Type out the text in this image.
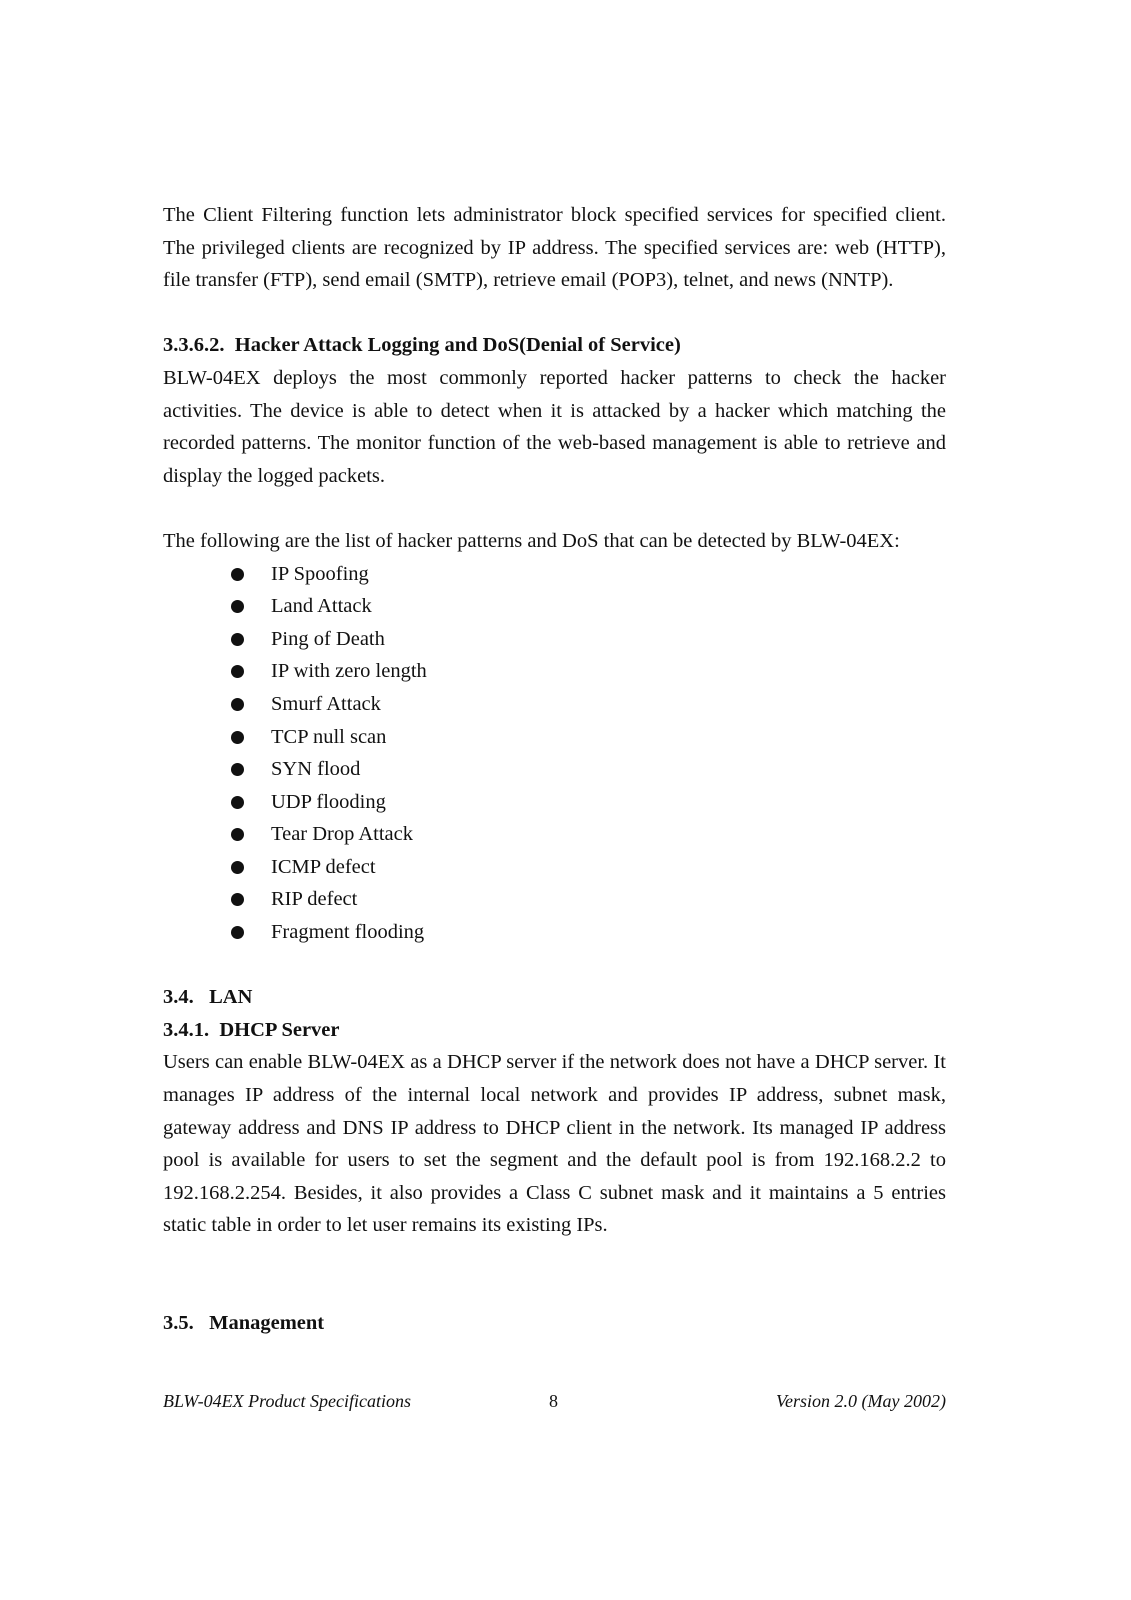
The Client Filtering function lets administrator block specified services for specified client. The privileged clients are recognized by IP address. The specified services are: web (HTTP), file transfer (FTP), send email (SMTP), retrieve email (POP3), telnet, and news (NNTP).

3.3.6.2.  Hacker Attack Logging and DoS(Denial of Service)

BLW-04EX deploys the most commonly reported hacker patterns to check the hacker activities. The device is able to detect when it is attacked by a hacker which matching the recorded patterns. The monitor function of the web-based management is able to retrieve and display the logged packets.

The following are the list of hacker patterns and DoS that can be detected by BLW-04EX:

IP Spoofing
Land Attack
Ping of Death
IP with zero length
Smurf Attack
TCP null scan
SYN flood
UDP flooding
Tear Drop Attack
ICMP defect
RIP defect
Fragment flooding

3.4.   LAN

3.4.1.  DHCP Server

Users can enable BLW-04EX as a DHCP server if the network does not have a DHCP server. It manages IP address of the internal local network and provides IP address, subnet mask, gateway address and DNS IP address to DHCP client in the network. Its managed IP address pool is available for users to set the segment and the default pool is from 192.168.2.2 to 192.168.2.254. Besides, it also provides a Class C subnet mask and it maintains a 5 entries static table in order to let user remains its existing IPs.

3.5.   Management

BLW-04EX Product Specifications	8	Version 2.0 (May 2002)
